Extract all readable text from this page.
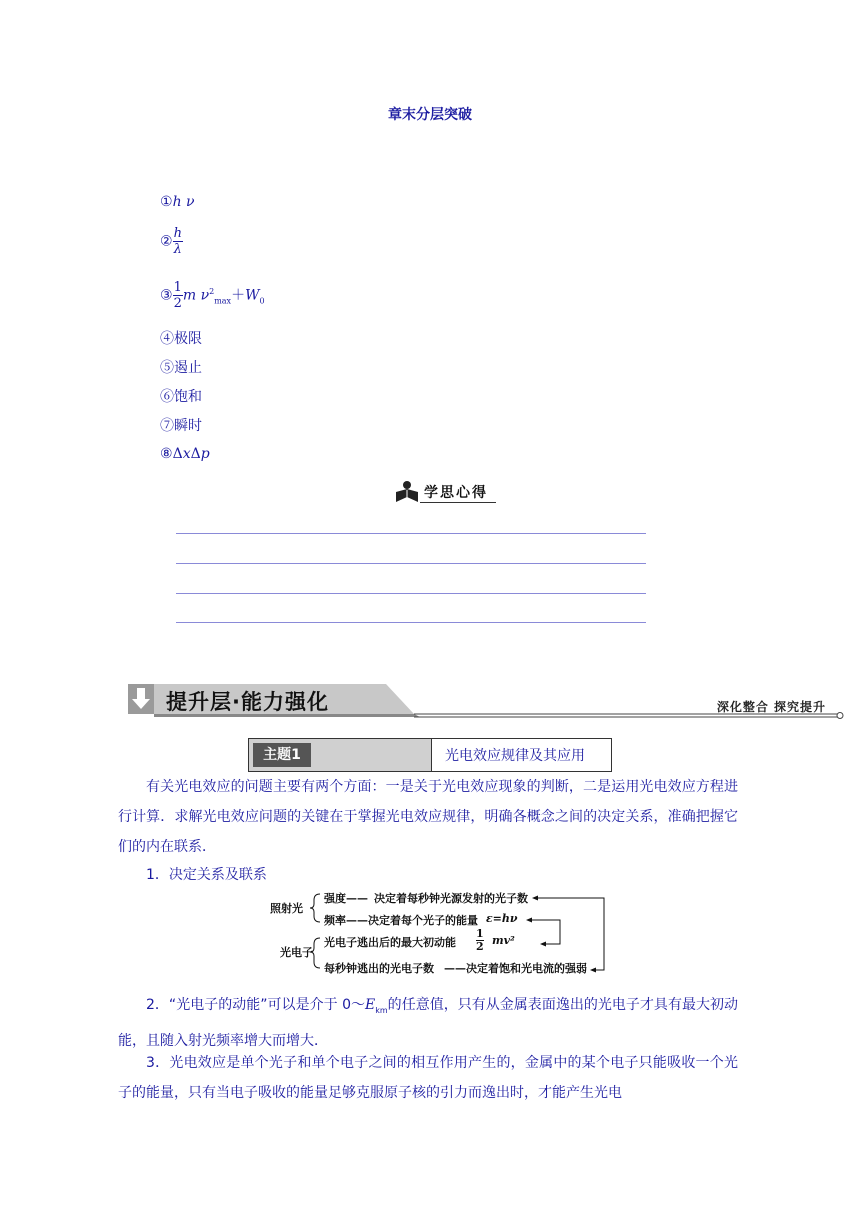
章末分层突破
①h ν
② $\frac{h}{\lambda}$
③ $\frac{1}{2}$ m $\nu^2_{max}+W_0$
④极限
⑤遏止
⑥饱和
⑦瞬时
⑧ΔxΔp
学思心得
提升层·能力强化	深化整合 探究提升
主题1	光电效应规律及其应用
有关光电效应的问题主要有两个方面：一是关于光电效应现象的判断，二是运用光电效应方程进行计算．求解光电效应问题的关键在于掌握光电效应规律，明确各概念之间的决定关系，准确把握它们的内在联系．
1．决定关系及联系
照射光
强度—— 决定着每秒钟光源发射的光子数
频率——决定着每个光子的能量 ε=hν
光电子
光电子逃出后的最大初动能
1
2 mv²
每秒钟逃出的光电子数 ——决定着饱和光电流的强弱
2．“光电子的动能”可以是介于 $0\sim E_{km}$的任意值，只有从金属表面逸出的光电子才具有最大初动能，且随入射光频率增大而增大．
3．光电效应是单个光子和单个电子之间的相互作用产生的，金属中的某个电子只能吸收一个光子的能量，只有当电子吸收的能量足够克服原子核的引力而逸出时，才能产生光电
